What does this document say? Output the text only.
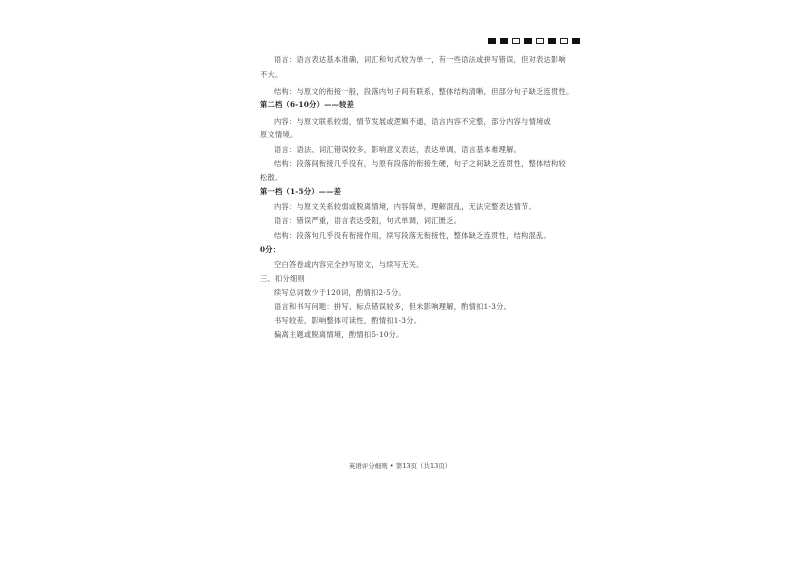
语言：语言表达基本准确，词汇和句式较为单一，有一些语法或拼写错误，但对表达影响
不大。
结构：与原文的衔接一般，段落内句子间有联系，整体结构清晰，但部分句子缺乏连贯性。
第二档（6-10分）——较差
内容：与原文联系较弱，情节发展或逻辑不通，语言内容不完整，部分内容与情境或
原文情境。
语言：语法、词汇错误较多，影响意义表达，表达单调，语言基本难理解。
结构：段落间衔接几乎没有，与原有段落的衔接生硬，句子之间缺乏连贯性，整体结构较
松散。
第一档（1-5分）——差
内容：与原文关系较弱或脱离情境，内容简单，理解混乱，无法完整表达情节。
语言：错误严重，语言表达受阻，句式单调，词汇匮乏。
结构：段落句几乎没有衔接作用，续写段落无衔接性，整体缺乏连贯性，结构混乱。
0分：
空白答卷或内容完全抄写原文，与续写无关。
三、扣分细则
续写总词数少于120词，酌情扣2-5分。
语言和书写问题：拼写、标点错误较多，但未影响理解，酌情扣1-3分。
书写较差，影响整体可读性，酌情扣1-3分。
偏离主题或脱离情境，酌情扣5-10分。
英语评分细则 • 第13页（共13页）
